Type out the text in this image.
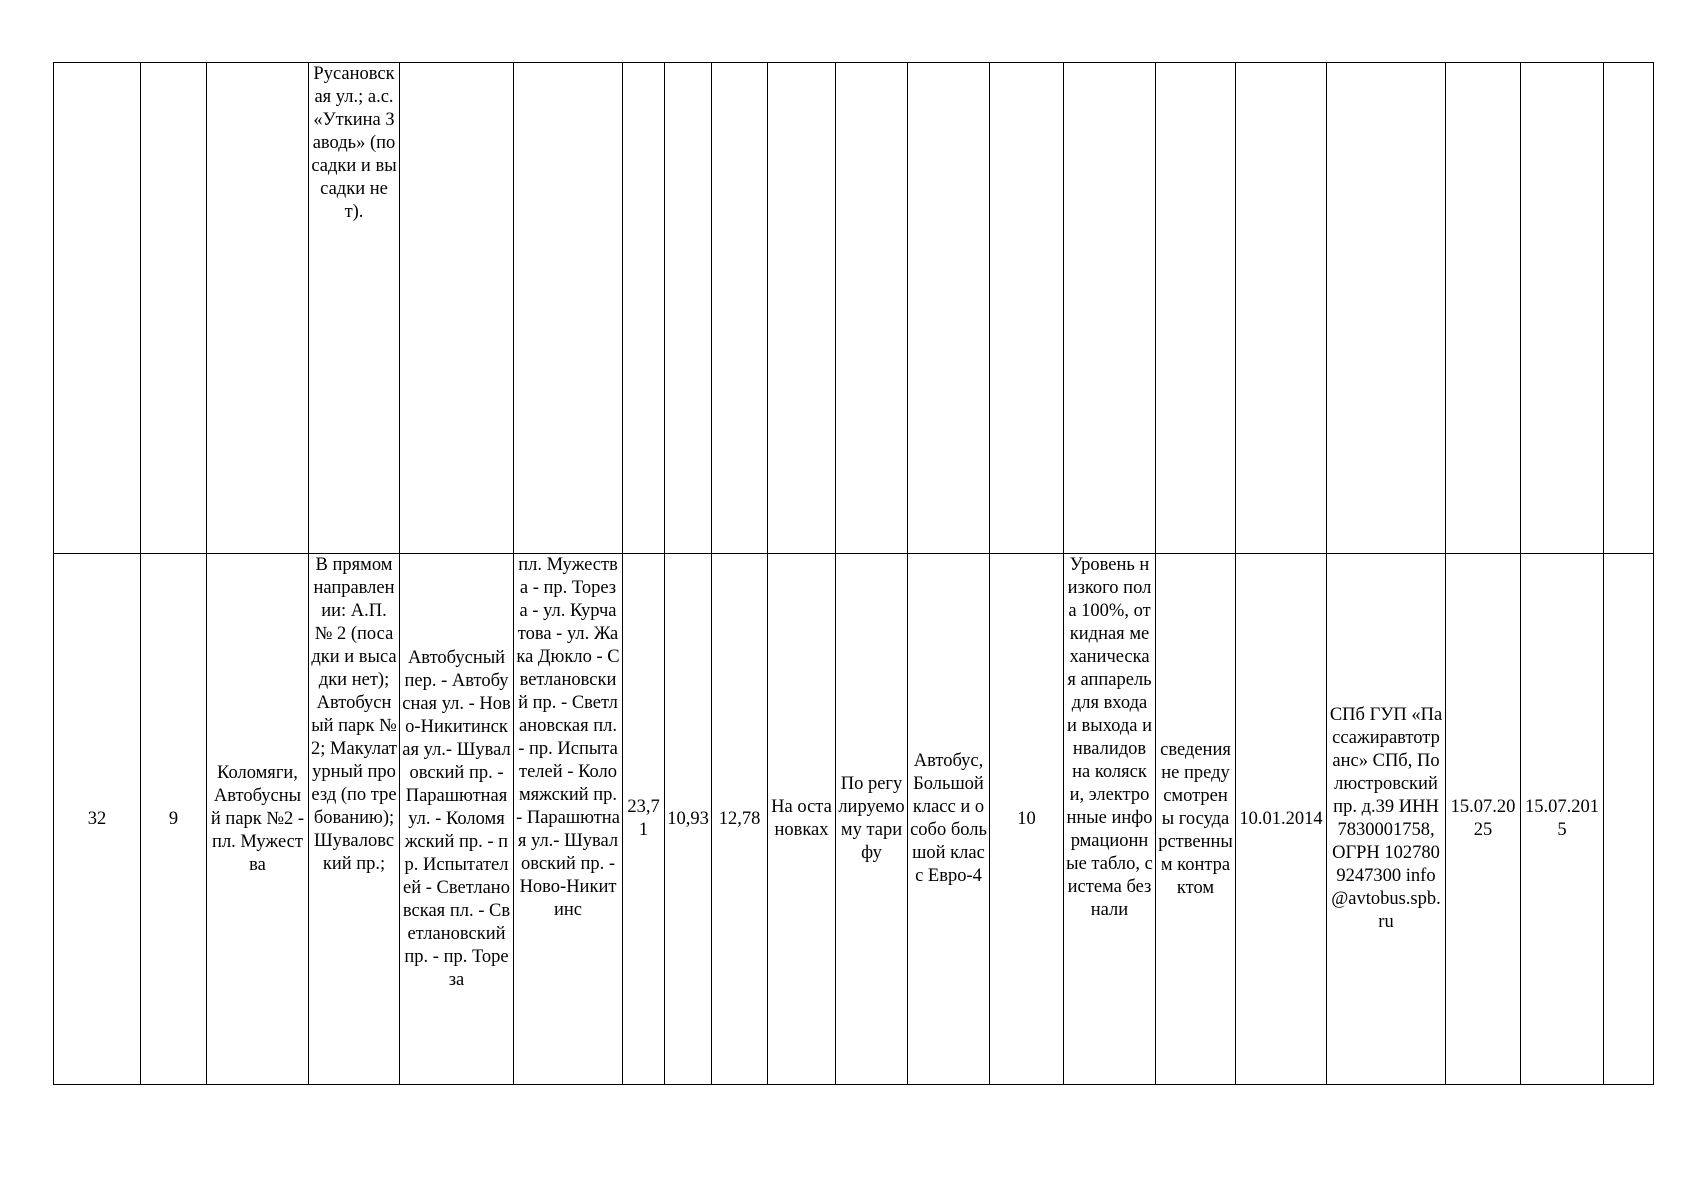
			Русановская ул.; а.с. «Уткина Заводь» (посадки и высадки нет).																
32	9	Коломяги, Автобусный парк №2 - пл. Мужества	В прямом направлении: А.П. № 2 (посадки и высадки нет); Автобусный парк № 2; Макулатурный проезд (по требованию); Шуваловский пр.;	Автобусный пер. - Автобусная ул. - Ново-Никитинская ул.- Шуваловский пр. - Парашютная ул. - Коломяжский пр. - пр. Испытателей - Светлановская пл. - Светлановский пр. - пр. Тореза	пл. Мужества - пр. Тореза - ул. Курчатова - ул. Жака Дюкло - Светлановский пр. - Светлановская пл. - пр. Испытателей - Коломяжский пр. - Парашютная ул.- Шуваловский пр. - Ново-Никитинс	23,71	10,93	12,78	На остановках	По регулируемому тарифу	Автобус, Большой класс и особо большой класс Евро-4	10	Уровень низкого пола 100%, откидная механическая аппарель для входа и выхода инвалидов на коляски, электронные информационные табло, система безнали	сведения не предусмотрены государственным контрактом	10.01.2014	СПб ГУП «Пассажиравтотранс» СПб, Полюстровский пр. д.39 ИНН 7830001758,
ОГРН 1027809247300 info@avtobus.spb.ru	15.07.2025	15.07.2015	
